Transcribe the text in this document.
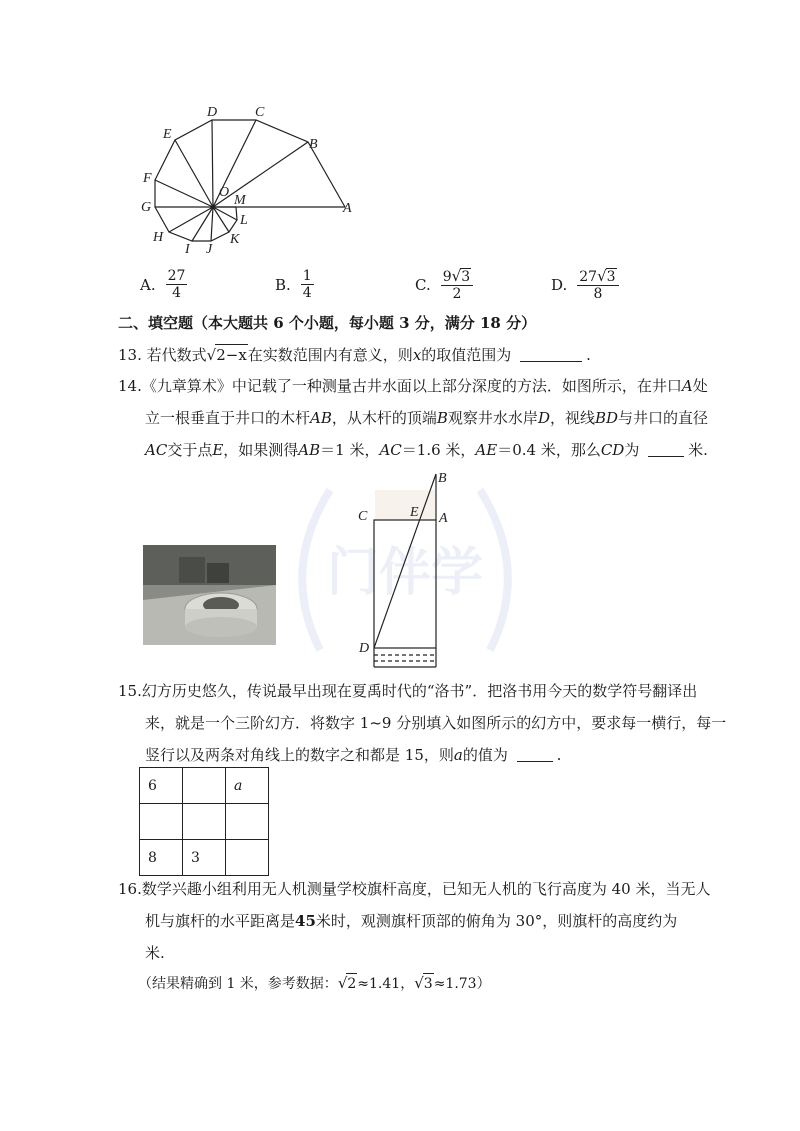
门伴学
D	C
E
B
F
O
M
G	A
L
H	K
I J
A. $\frac{27}{4}$	B. $\frac{1}{4}$	C. $\frac{9√3}{2}$	D. $\frac{27√3}{8}$
二、填空题（本大题共 6 个小题，每小题 3 分，满分 18 分）
13. 若代数式√2−x在实数范围内有意义，则x的取值范围为	.
14.《九章算术》中记载了一种测量古井水面以上部分深度的方法．如图所示，在井口A处
立一根垂直于井口的木杆AB，从木杆的顶端B观察井水水岸D，视线BD与井口的直径
AC交于点E，如果测得AB＝1 米，AC＝1.6 米，AE＝0.4 米，那么CD为	米.
B
C	E A
D
15.幻方历史悠久，传说最早出现在夏禹时代的“洛书”．把洛书用今天的数学符号翻译出
来，就是一个三阶幻方．将数字 1~9 分别填入如图所示的幻方中，要求每一横行，每一
竖行以及两条对角线上的数字之和都是 15，则a的值为	.
6		a

8	3	
16.数学兴趣小组利用无人机测量学校旗杆高度，已知无人机的飞行高度为 40 米，当无人
机与旗杆的水平距离是45米时，观测旗杆顶部的俯角为 30°，则旗杆的高度约为
米.
（结果精确到 1 米，参考数据：√2≈1.41，√3≈1.73）
